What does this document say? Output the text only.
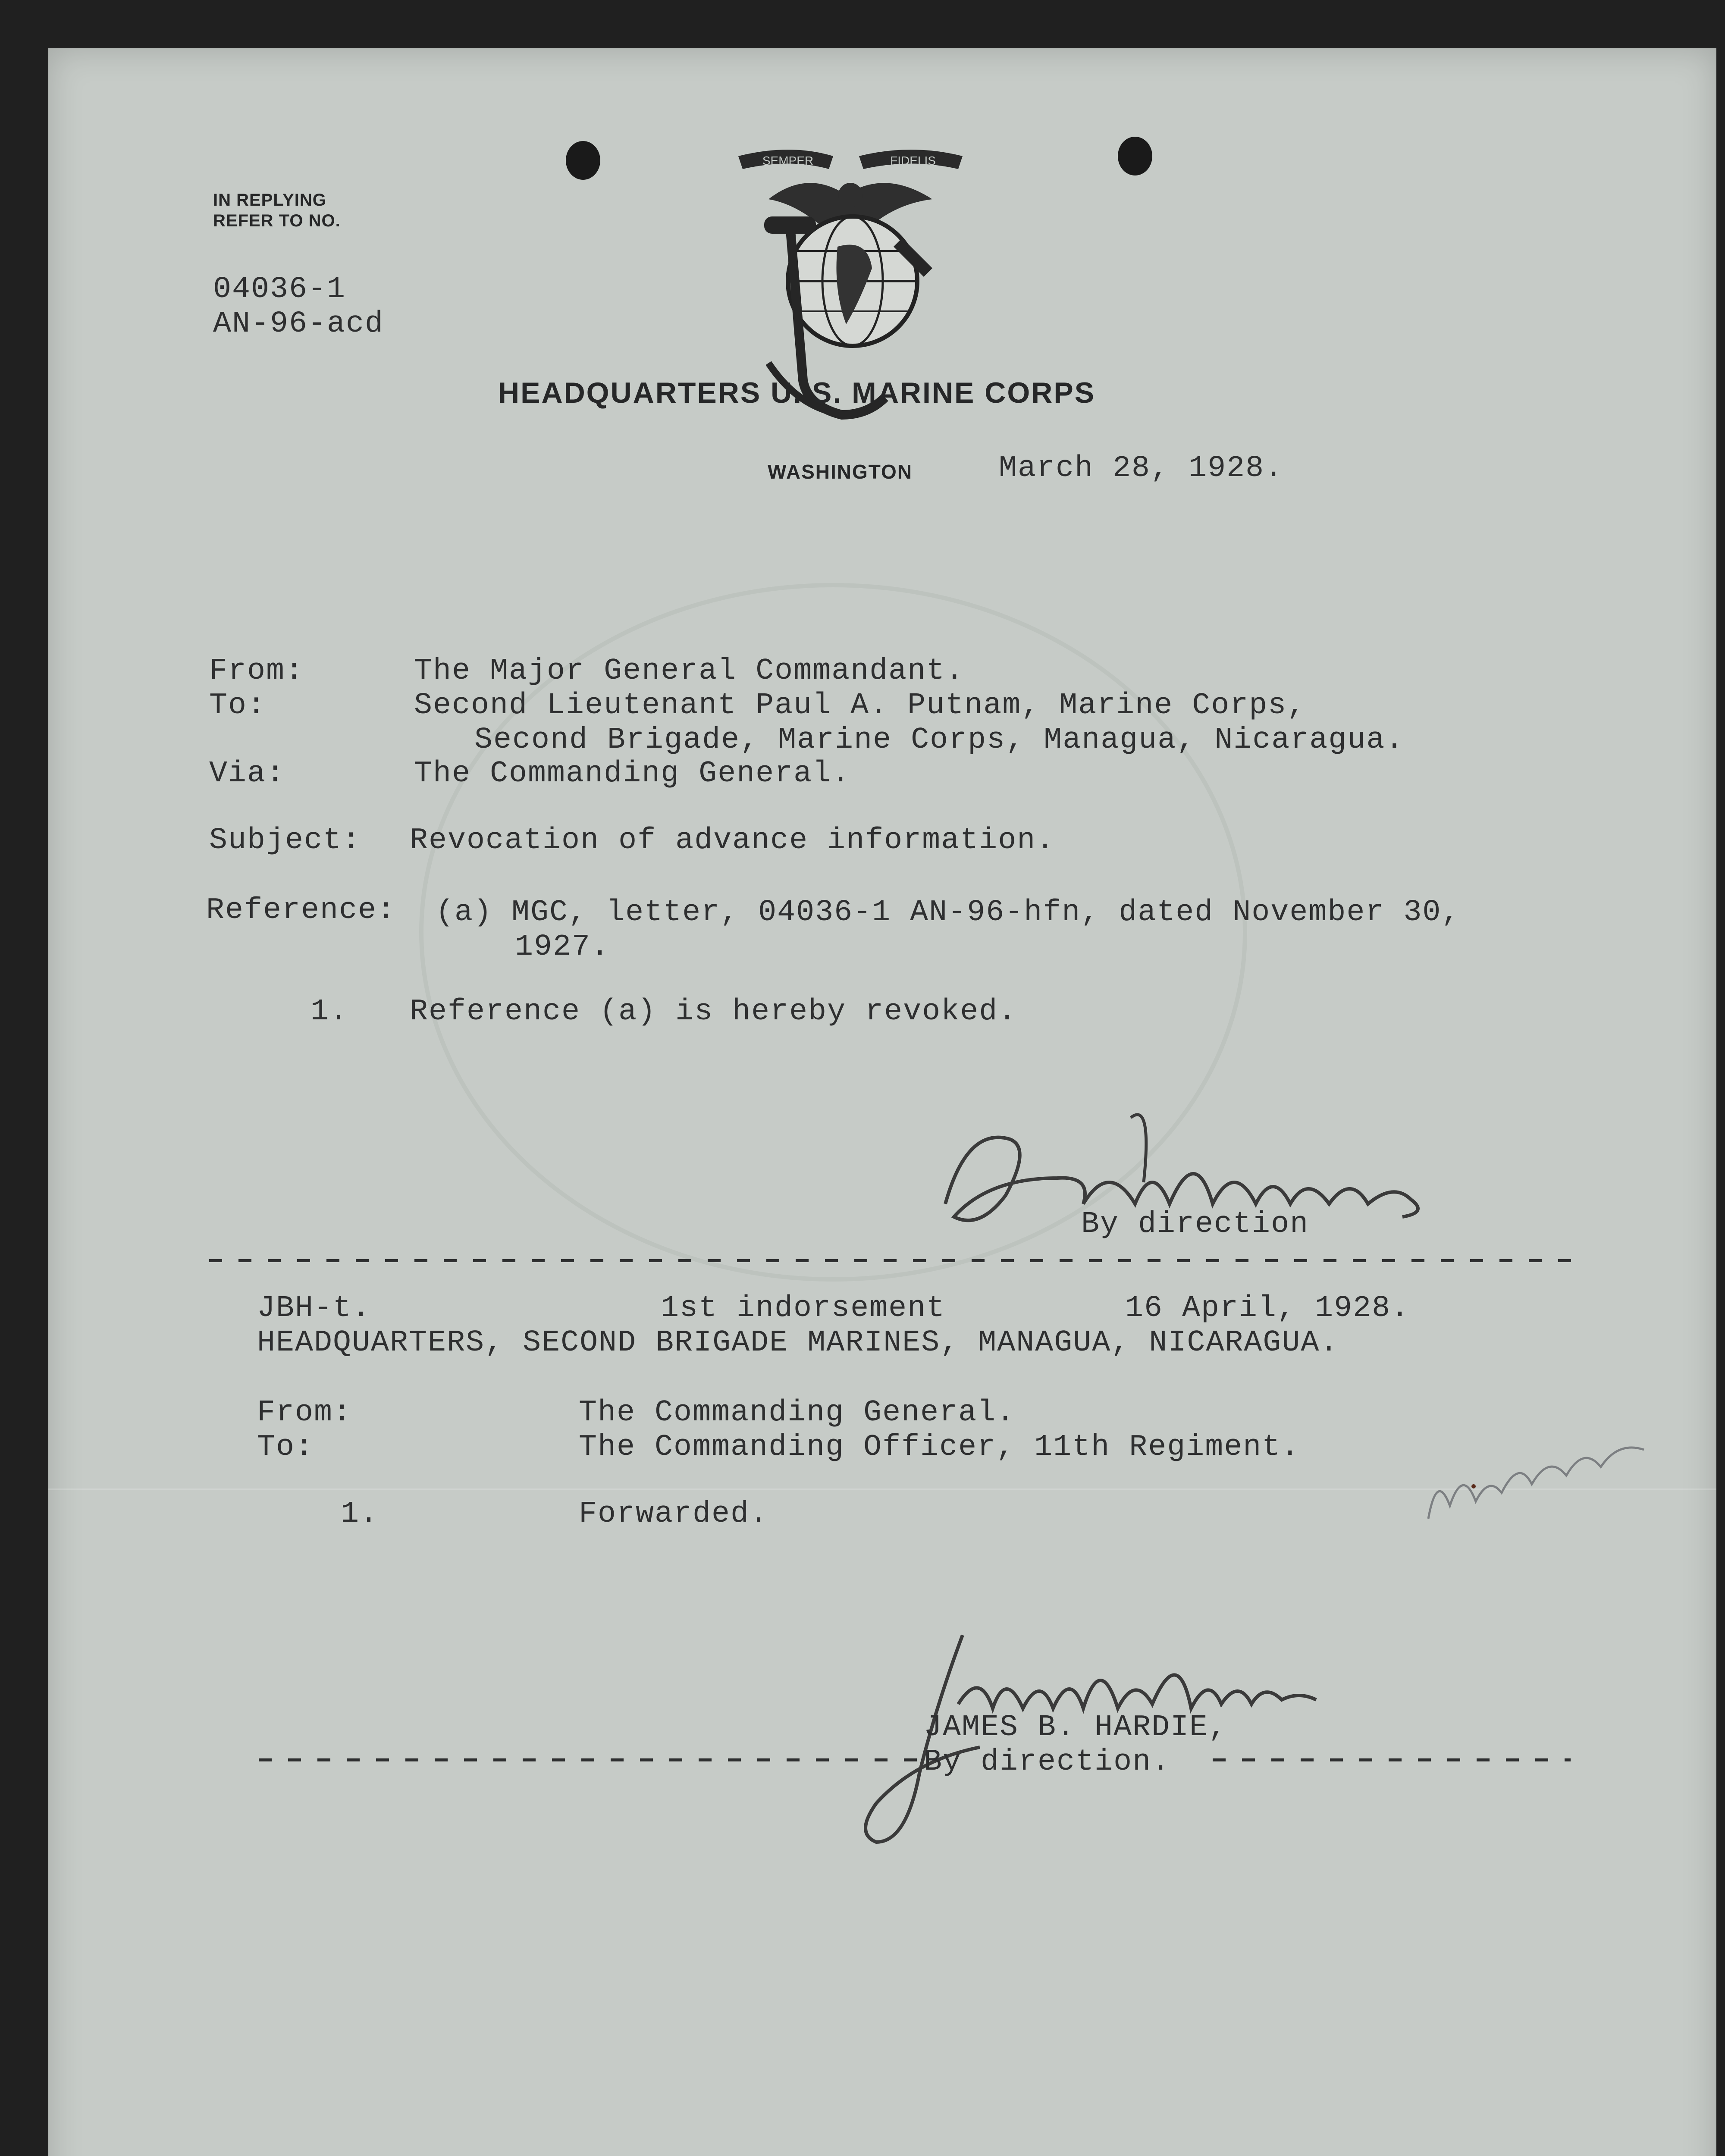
IN REPLYING
REFER TO NO.
04036-1
AN-96-acd
SEMPER	FIDELIS
HEADQUARTERS U. S. MARINE CORPS
WASHINGTON	March 28, 1928.
From:	The Major General Commandant.
To:	Second Lieutenant Paul A. Putnam, Marine Corps,
Second Brigade, Marine Corps, Managua, Nicaragua.
Via:	The Commanding General.
Subject: Revocation of advance information.
Reference: (a) MGC, letter, 04036-1 AN-96-hfn, dated November 30,
1927.
1. Reference (a) is hereby revoked.
By direction
JBH-t.	1st indorsement	16 April, 1928.
HEADQUARTERS, SECOND BRIGADE MARINES, MANAGUA, NICARAGUA.
From:	The Commanding General.
To:	The Commanding Officer, 11th Regiment.
1.	Forwarded.
JAMES B. HARDIE,
By direction.
